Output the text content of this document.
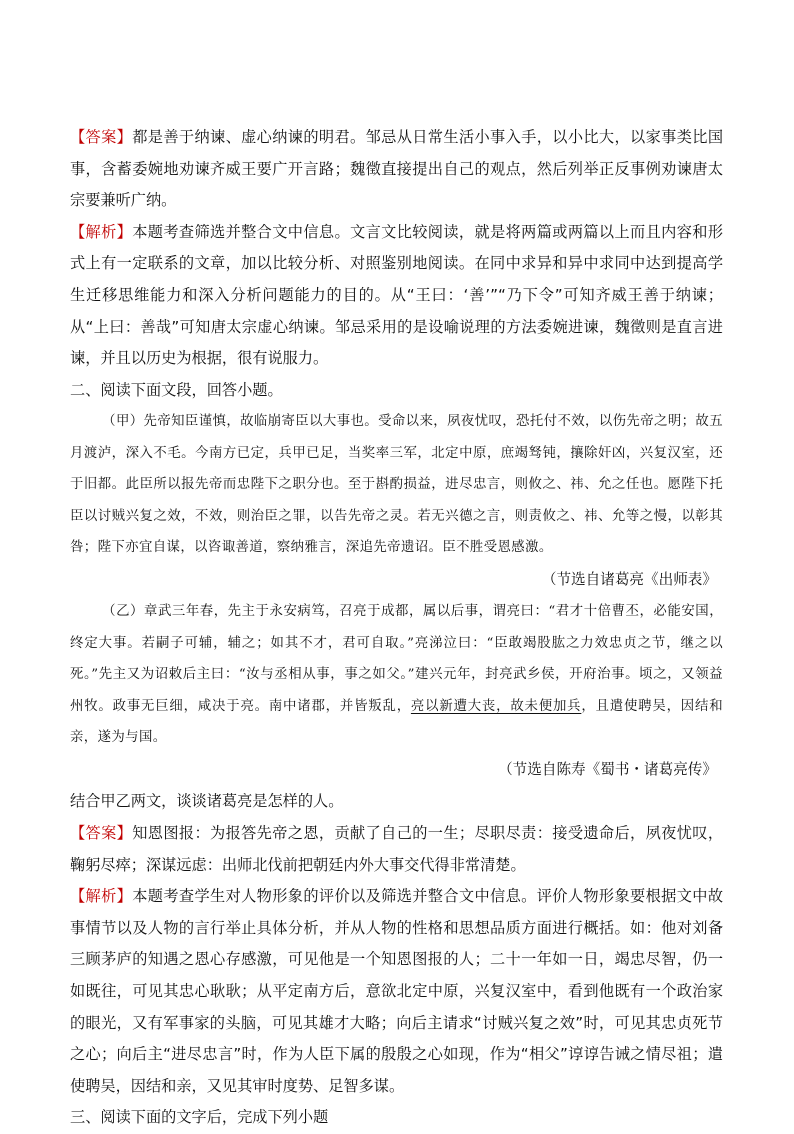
【答案】都是善于纳谏、虚心纳谏的明君。邹忌从日常生活小事入手，以小比大，以家事类比国事，含蓄委婉地劝谏齐威王要广开言路；魏徵直接提出自己的观点，然后列举正反事例劝谏唐太宗要兼听广纳。

【解析】本题考查筛选并整合文中信息。文言文比较阅读，就是将两篇或两篇以上而且内容和形式上有一定联系的文章，加以比较分析、对照鉴别地阅读。在同中求异和异中求同中达到提高学生迁移思维能力和深入分析问题能力的目的。从“王曰：‘善’”“乃下令”可知齐威王善于纳谏；从“上曰：善哉”可知唐太宗虚心纳谏。邹忌采用的是设喻说理的方法委婉进谏，魏徵则是直言进谏，并且以历史为根据，很有说服力。

二、阅读下面文段，回答小题。

（甲）先帝知臣谨慎，故临崩寄臣以大事也。受命以来，夙夜忧叹，恐托付不效，以伤先帝之明；故五月渡泸，深入不毛。今南方已定，兵甲已足，当奖率三军，北定中原，庶竭驽钝，攘除奸凶，兴复汉室，还于旧都。此臣所以报先帝而忠陛下之职分也。至于斟酌损益，进尽忠言，则攸之、祎、允之任也。愿陛下托臣以讨贼兴复之效，不效，则治臣之罪，以告先帝之灵。若无兴德之言，则责攸之、祎、允等之慢，以彰其咎；陛下亦宜自谋，以咨诹善道，察纳雅言，深追先帝遗诏。臣不胜受恩感激。

（节选自诸葛亮《出师表》

（乙）章武三年春，先主于永安病笃，召亮于成都，属以后事，谓亮曰：“君才十倍曹丕，必能安国，终定大事。若嗣子可辅，辅之；如其不才，君可自取。”亮涕泣曰：“臣敢竭股肱之力效忠贞之节，继之以死。”先主又为诏敕后主曰：“汝与丞相从事，事之如父。”建兴元年，封亮武乡侯，开府治事。顷之，又领益州牧。政事无巨细，咸决于亮。南中诸郡，并皆叛乱，亮以新遭大丧，故未便加兵，且遣使聘吴，因结和亲，遂为与国。

（节选自陈寿《蜀书・诸葛亮传》

结合甲乙两文，谈谈诸葛亮是怎样的人。

【答案】知恩图报：为报答先帝之恩，贡献了自己的一生；尽职尽责：接受遗命后，夙夜忧叹，鞠躬尽瘁；深谋远虑：出师北伐前把朝廷内外大事交代得非常清楚。

【解析】本题考查学生对人物形象的评价以及筛选并整合文中信息。评价人物形象要根据文中故事情节以及人物的言行举止具体分析，并从人物的性格和思想品质方面进行概括。如：他对刘备三顾茅庐的知遇之恩心存感激，可见他是一个知恩图报的人；二十一年如一日，竭忠尽智，仍一如既往，可见其忠心耿耿；从平定南方后，意欲北定中原，兴复汉室中，看到他既有一个政治家的眼光，又有军事家的头脑，可见其雄才大略；向后主请求“讨贼兴复之效”时，可见其忠贞死节之心；向后主“进尽忠言”时，作为人臣下属的殷殷之心如现，作为“相父”谆谆告诫之情尽祖；遣使聘吴，因结和亲，又见其审时度势、足智多谋。

三、阅读下面的文字后，完成下列小题
